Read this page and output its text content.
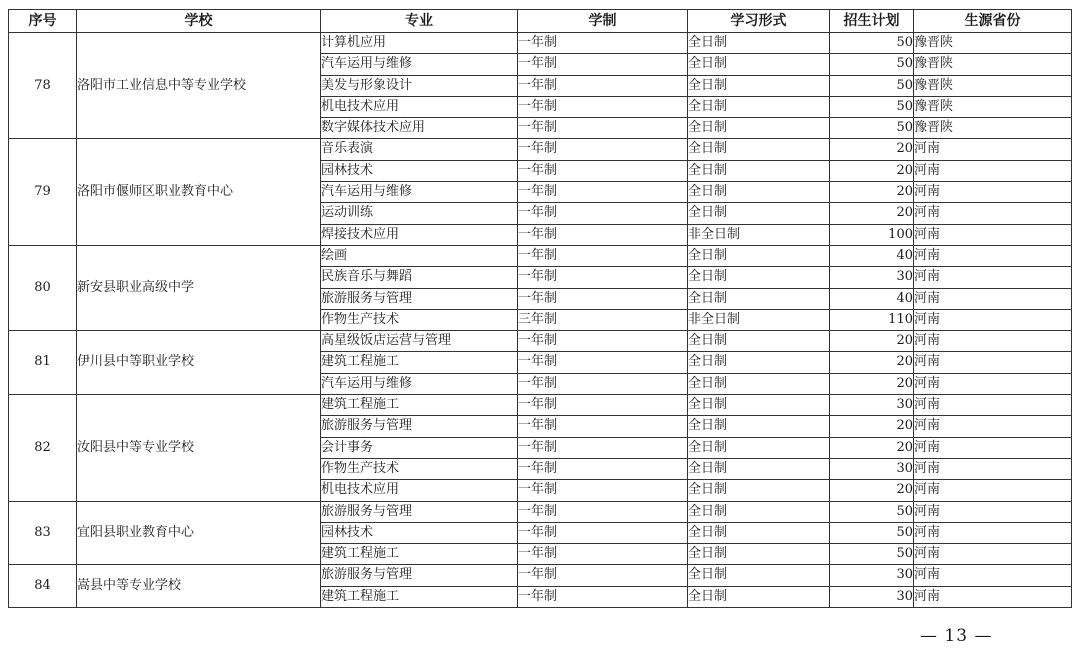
序号	学校	专业	学制	学习形式	招生计划	生源省份
78	洛阳市工业信息中等专业学校	计算机应用	一年制	全日制	50	豫晋陕
		汽车运用与维修	一年制	全日制	50	豫晋陕
		美发与形象设计	一年制	全日制	50	豫晋陕
		机电技术应用	一年制	全日制	50	豫晋陕
		数字媒体技术应用	一年制	全日制	50	豫晋陕
79	洛阳市偃师区职业教育中心	音乐表演	一年制	全日制	20	河南
		园林技术	一年制	全日制	20	河南
		汽车运用与维修	一年制	全日制	20	河南
		运动训练	一年制	全日制	20	河南
		焊接技术应用	一年制	非全日制	100	河南
80	新安县职业高级中学	绘画	一年制	全日制	40	河南
		民族音乐与舞蹈	一年制	全日制	30	河南
		旅游服务与管理	一年制	全日制	40	河南
		作物生产技术	三年制	非全日制	110	河南
81	伊川县中等职业学校	高星级饭店运营与管理	一年制	全日制	20	河南
		建筑工程施工	一年制	全日制	20	河南
		汽车运用与维修	一年制	全日制	20	河南
82	汝阳县中等专业学校	建筑工程施工	一年制	全日制	30	河南
		旅游服务与管理	一年制	全日制	20	河南
		会计事务	一年制	全日制	20	河南
		作物生产技术	一年制	全日制	30	河南
		机电技术应用	一年制	全日制	20	河南
83	宜阳县职业教育中心	旅游服务与管理	一年制	全日制	50	河南
		园林技术	一年制	全日制	50	河南
		建筑工程施工	一年制	全日制	50	河南
84	嵩县中等专业学校	旅游服务与管理	一年制	全日制	30	河南
		建筑工程施工	一年制	全日制	30	河南
— 13 —
